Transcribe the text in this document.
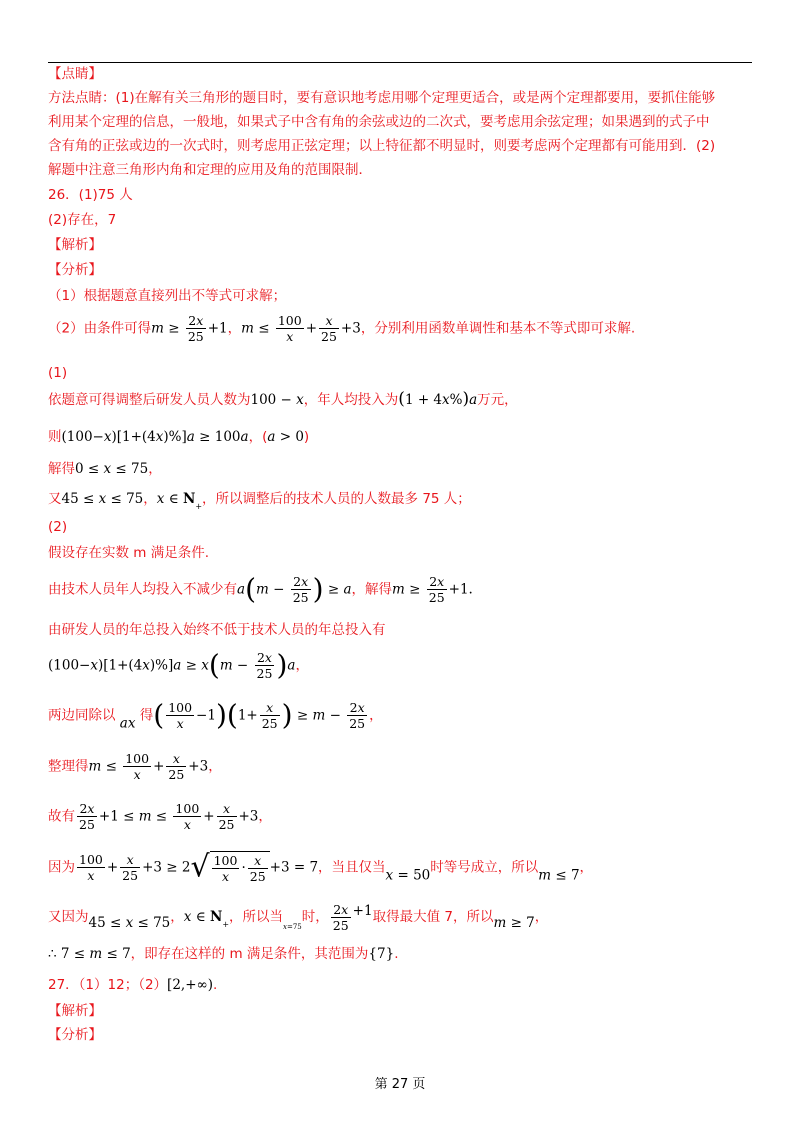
【点睛】
方法点睛：(1)在解有关三角形的题目时，要有意识地考虑用哪个定理更适合，或是两个定理都要用，要抓住能够
利用某个定理的信息，一般地，如果式子中含有角的余弦或边的二次式，要考虑用余弦定理；如果遇到的式子中
含有角的正弦或边的一次式时，则考虑用正弦定理；以上特征都不明显时，则要考虑两个定理都有可能用到．(2)
解题中注意三角形内角和定理的应用及角的范围限制．
26．(1)75 人
(2)存在，7
【解析】
【分析】
（1）根据题意直接列出不等式可求解；
（2）由条件可得$m \ge \frac{2x}{25} +1$，$m \le \frac{100}{x} + \frac{x}{25} +3$，分别利用函数单调性和基本不等式即可求解.
(1)
依题意可得调整后研发人员人数为100 − x，年人均投入为(1 + 4x%)a万元，
则(100−x)[1+(4x)%]a ≥ 100a，(a > 0)
解得0 ≤ x ≤ 75，
又45 ≤ x ≤ 75，x ∈ $N_+$，所以调整后的技术人员的人数最多 75 人；
(2)
假设存在实数 m 满足条件.
由技术人员年人均投入不减少有$a(m - \frac{2x}{25}$ ) ≥ a，解得$m \ge \frac{2x}{25} +1$.
由研发人员的年总投入始终不低于技术人员的年总投入有
$(100-x)[1+(4x)\%]a \ge x(m - \frac{2x}{25} )a$，
两边同除以 ax 得( $\frac{100}{x} -1)(1+ \frac{x}{25}$ ) ≥ $m - \frac{2x}{25}$ ，
整理得$m \le \frac{100}{x} + \frac{x}{25} +3$，
故有 $\frac{2x}{25} +1 \le m \le \frac{100}{x} + \frac{x}{25} +3$，
因为 $\frac{100}{x} + \frac{x}{25} +3 \ge 2√ \frac{100}{x} \cdot \frac{x}{25} +3 = 7$，当且仅当x = 50时等号成立，所以m ≤ 7，
又因为45 ≤ x ≤ 75，x ∈ $N_+$，所以当$_{x=75}$时， $\frac{2x}{25} +1$取得最大值 7，所以m ≥ 7，
∴ 7 ≤ m ≤ 7，即存在这样的 m 满足条件，其范围为{7}.
27．（1）12；（2）[2,+∞).
【解析】
【分析】
第 27 页
